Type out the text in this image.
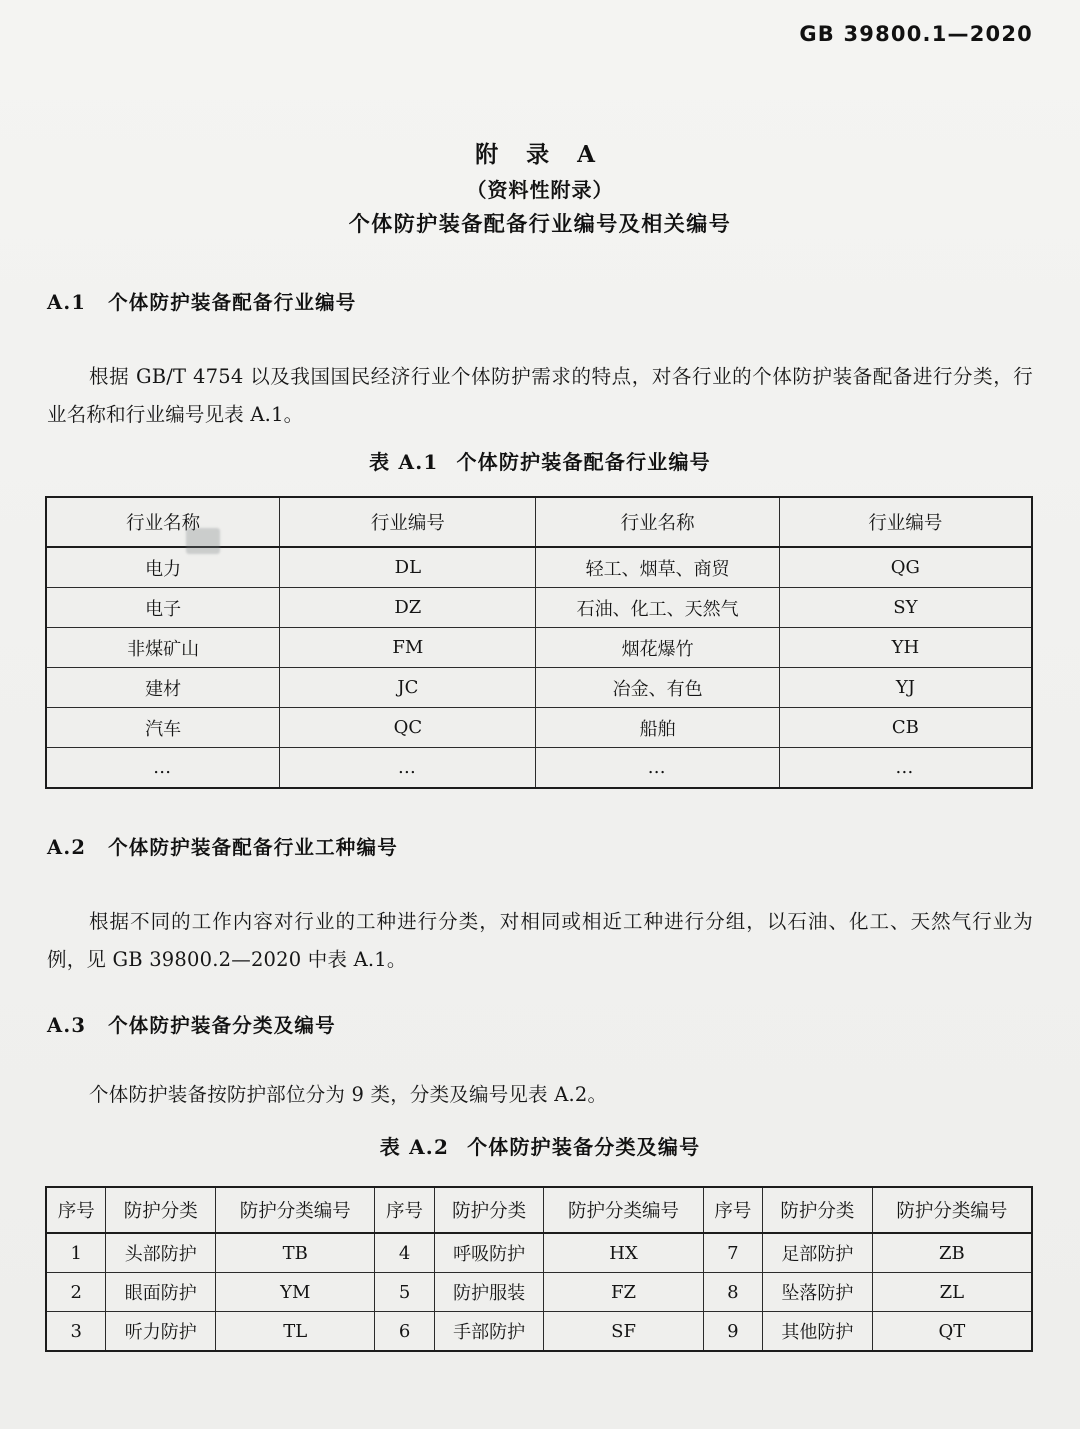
GB 39800.1—2020
附 录 A
（资料性附录）
个体防护装备配备行业编号及相关编号
A.1 个体防护装备配备行业编号
根据 GB/T 4754 以及我国国民经济行业个体防护需求的特点，对各行业的个体防护装备配备进行分类，行业名称和行业编号见表 A.1。
表 A.1 个体防护装备配备行业编号
行业名称	行业编号	行业名称	行业编号
电力	DL	轻工、烟草、商贸	QG
电子	DZ	石油、化工、天然气	SY
非煤矿山	FM	烟花爆竹	YH
建材	JC	冶金、有色	YJ
汽车	QC	船舶	CB
…	…	…	…
A.2 个体防护装备配备行业工种编号
根据不同的工作内容对行业的工种进行分类，对相同或相近工种进行分组，以石油、化工、天然气行业为例，见 GB 39800.2—2020 中表 A.1。
A.3 个体防护装备分类及编号
个体防护装备按防护部位分为 9 类，分类及编号见表 A.2。
表 A.2 个体防护装备分类及编号
序号	防护分类	防护分类编号	序号	防护分类	防护分类编号	序号	防护分类	防护分类编号
1	头部防护	TB	4	呼吸防护	HX	7	足部防护	ZB
2	眼面防护	YM	5	防护服装	FZ	8	坠落防护	ZL
3	听力防护	TL	6	手部防护	SF	9	其他防护	QT
